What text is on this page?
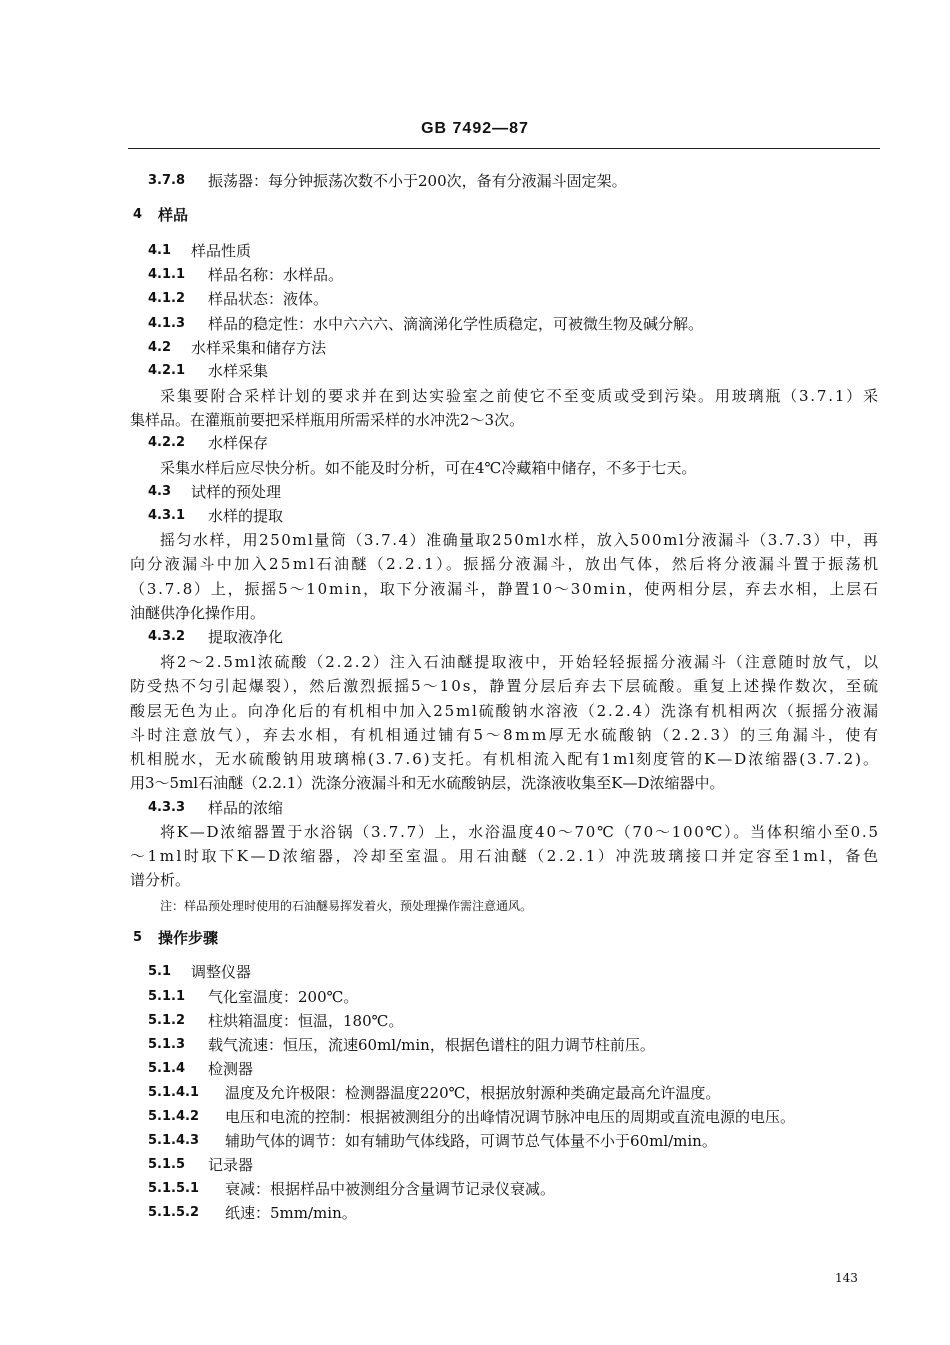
GB 7492—87
3.7.8 振荡器：每分钟振荡次数不小于200次，备有分液漏斗固定架。
4 样品
4.1 样品性质
4.1.1 样品名称：水样品。
4.1.2 样品状态：液体。
4.1.3 样品的稳定性：水中六六六、滴滴涕化学性质稳定，可被微生物及碱分解。
4.2 水样采集和储存方法
4.2.1 水样采集
采集要附合采样计划的要求并在到达实验室之前使它不至变质或受到污染。用玻璃瓶（3.7.1）采
集样品。在灌瓶前要把采样瓶用所需采样的水冲洗2～3次。
4.2.2 水样保存
采集水样后应尽快分析。如不能及时分析，可在4℃冷藏箱中储存，不多于七天。
4.3 试样的预处理
4.3.1 水样的提取
摇匀水样，用250ml量筒（3.7.4）准确量取250ml水样，放入500ml分液漏斗（3.7.3）中，再
向分液漏斗中加入25ml石油醚（2.2.1）。振摇分液漏斗，放出气体，然后将分液漏斗置于振荡机
（3.7.8）上，振摇5～10min，取下分液漏斗，静置10～30min，使两相分层，弃去水相，上层石
油醚供净化操作用。
4.3.2 提取液净化
将2～2.5ml浓硫酸（2.2.2）注入石油醚提取液中，开始轻轻振摇分液漏斗（注意随时放气，以
防受热不匀引起爆裂），然后激烈振摇5～10s，静置分层后弃去下层硫酸。重复上述操作数次，至硫
酸层无色为止。向净化后的有机相中加入25ml硫酸钠水溶液（2.2.4）洗涤有机相两次（振摇分液漏
斗时注意放气），弃去水相，有机相通过铺有5～8mm厚无水硫酸钠（2.2.3）的三角漏斗，使有
机相脱水，无水硫酸钠用玻璃棉(3.7.6)支托。有机相流入配有1ml刻度管的K—D浓缩器(3.7.2)。
用3～5ml石油醚（2.2.1）洗涤分液漏斗和无水硫酸钠层，洗涤液收集至K—D浓缩器中。
4.3.3 样品的浓缩
将K—D浓缩器置于水浴锅（3.7.7）上，水浴温度40～70℃（70～100℃）。当体积缩小至0.5
～1ml时取下K—D浓缩器，冷却至室温。用石油醚（2.2.1）冲洗玻璃接口并定容至1ml，备色
谱分析。
注：样品预处理时使用的石油醚易挥发着火，预处理操作需注意通风。
5 操作步骤
5.1 调整仪器
5.1.1 气化室温度：200℃。
5.1.2 柱烘箱温度：恒温，180℃。
5.1.3 载气流速：恒压，流速60ml/min，根据色谱柱的阻力调节柱前压。
5.1.4 检测器
5.1.4.1 温度及允许极限：检测器温度220℃，根据放射源种类确定最高允许温度。
5.1.4.2 电压和电流的控制：根据被测组分的出峰情况调节脉冲电压的周期或直流电源的电压。
5.1.4.3 辅助气体的调节：如有辅助气体线路，可调节总气体量不小于60ml/min。
5.1.5 记录器
5.1.5.1 衰减：根据样品中被测组分含量调节记录仪衰减。
5.1.5.2 纸速：5mm/min。
143
